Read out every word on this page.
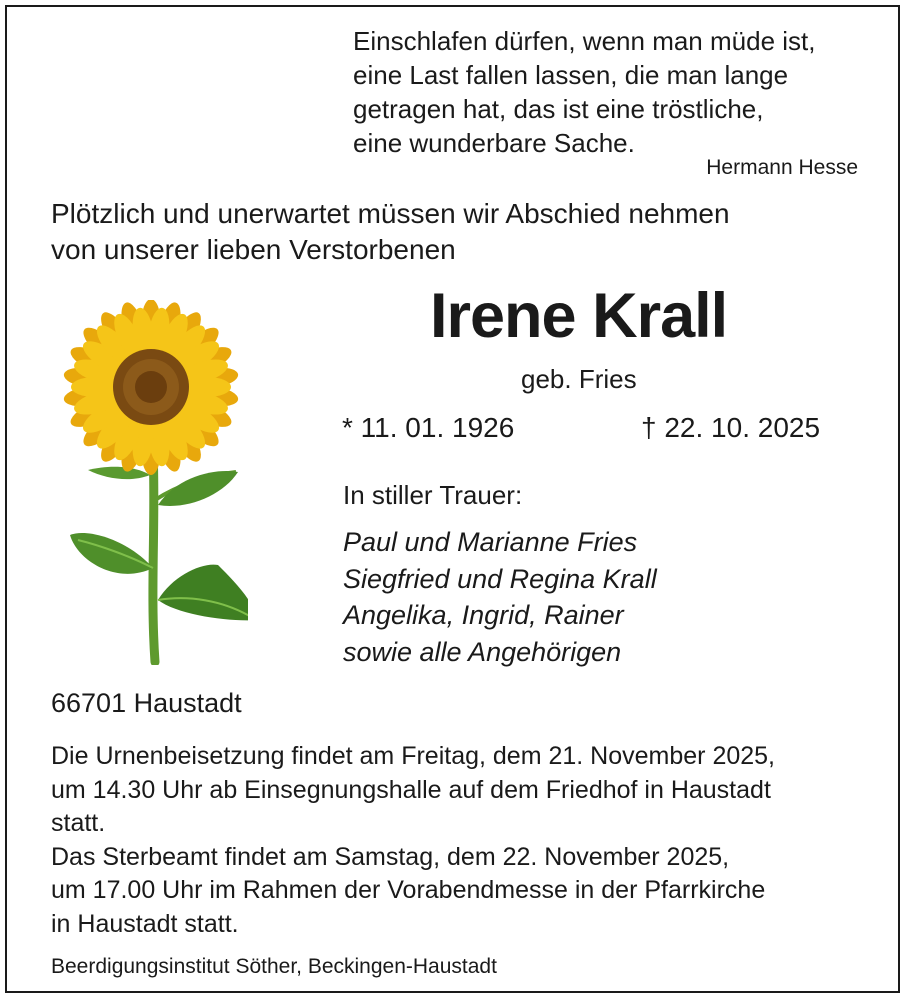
Einschlafen dürfen, wenn man müde ist,
eine Last fallen lassen, die man lange
getragen hat, das ist eine tröstliche,
eine wunderbare Sache.
Hermann Hesse
Plötzlich und unerwartet müssen wir Abschied nehmen
von unserer lieben Verstorbenen
Irene Krall
geb. Fries
* 11. 01. 1926	† 22. 10. 2025
In stiller Trauer:
Paul und Marianne Fries
Siegfried und Regina Krall
Angelika, Ingrid, Rainer
sowie alle Angehörigen
66701 Haustadt
Die Urnenbeisetzung findet am Freitag, dem 21. November 2025,
um 14.30 Uhr ab Einsegnungshalle auf dem Friedhof in Haustadt
statt.
Das Sterbeamt findet am Samstag, dem 22. November 2025,
um 17.00 Uhr im Rahmen der Vorabendmesse in der Pfarrkirche
in Haustadt statt.
Beerdigungsinstitut Söther, Beckingen-Haustadt
